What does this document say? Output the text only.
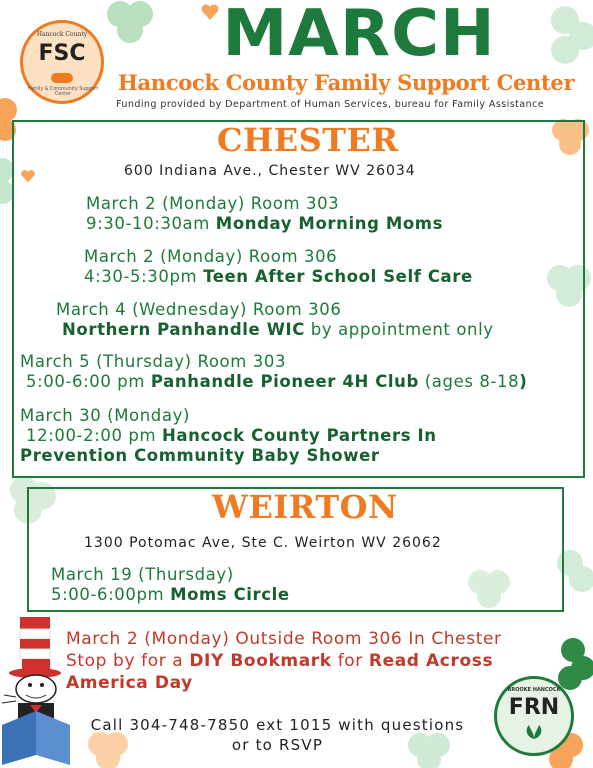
Hancock County
FSC
Family & Community Support Center
MARCH
Hancock County Family Support Center
Funding provided by Department of Human Services, bureau for Family Assistance
CHESTER
600 Indiana Ave., Chester WV 26034
March 2 (Monday) Room 303
9:30-10:30am Monday Morning Moms
March 2 (Monday) Room 306
4:30-5:30pm Teen After School Self Care
March 4 (Wednesday) Room 306
Northern Panhandle WIC by appointment only
March 5 (Thursday) Room 303
5:00-6:00 pm Panhandle Pioneer 4H Club (ages 8-18)
March 30 (Monday)
12:00-2:00 pm Hancock County Partners In
Prevention Community Baby Shower
WEIRTON
1300 Potomac Ave, Ste C. Weirton WV 26062
March 19 (Thursday)
5:00-6:00pm Moms Circle
March 2 (Monday) Outside Room 306 In Chester
Stop by for a DIY Bookmark for Read Across
America Day
Call 304-748-7850 ext 1015 with questions
or to RSVP
BROOKE HANCOCK
FRN
